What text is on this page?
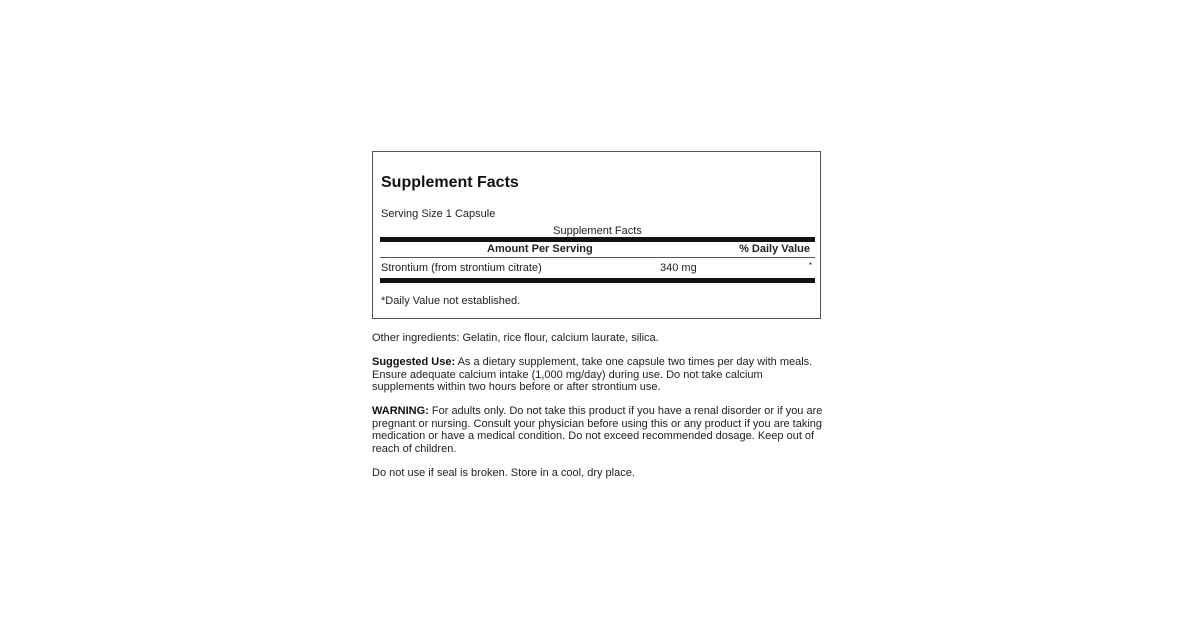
Supplement Facts
Serving Size 1 Capsule
Supplement Facts
Amount Per Serving	% Daily Value
Strontium (from strontium citrate)	340 mg	*
*Daily Value not established.
Other ingredients: Gelatin, rice flour, calcium laurate, silica.
Suggested Use: As a dietary supplement, take one capsule two times per day with meals. Ensure adequate calcium intake (1,000 mg/day) during use. Do not take calcium supplements within two hours before or after strontium use.
WARNING: For adults only. Do not take this product if you have a renal disorder or if you are pregnant or nursing. Consult your physician before using this or any product if you are taking medication or have a medical condition. Do not exceed recommended dosage. Keep out of reach of children.
Do not use if seal is broken. Store in a cool, dry place.
